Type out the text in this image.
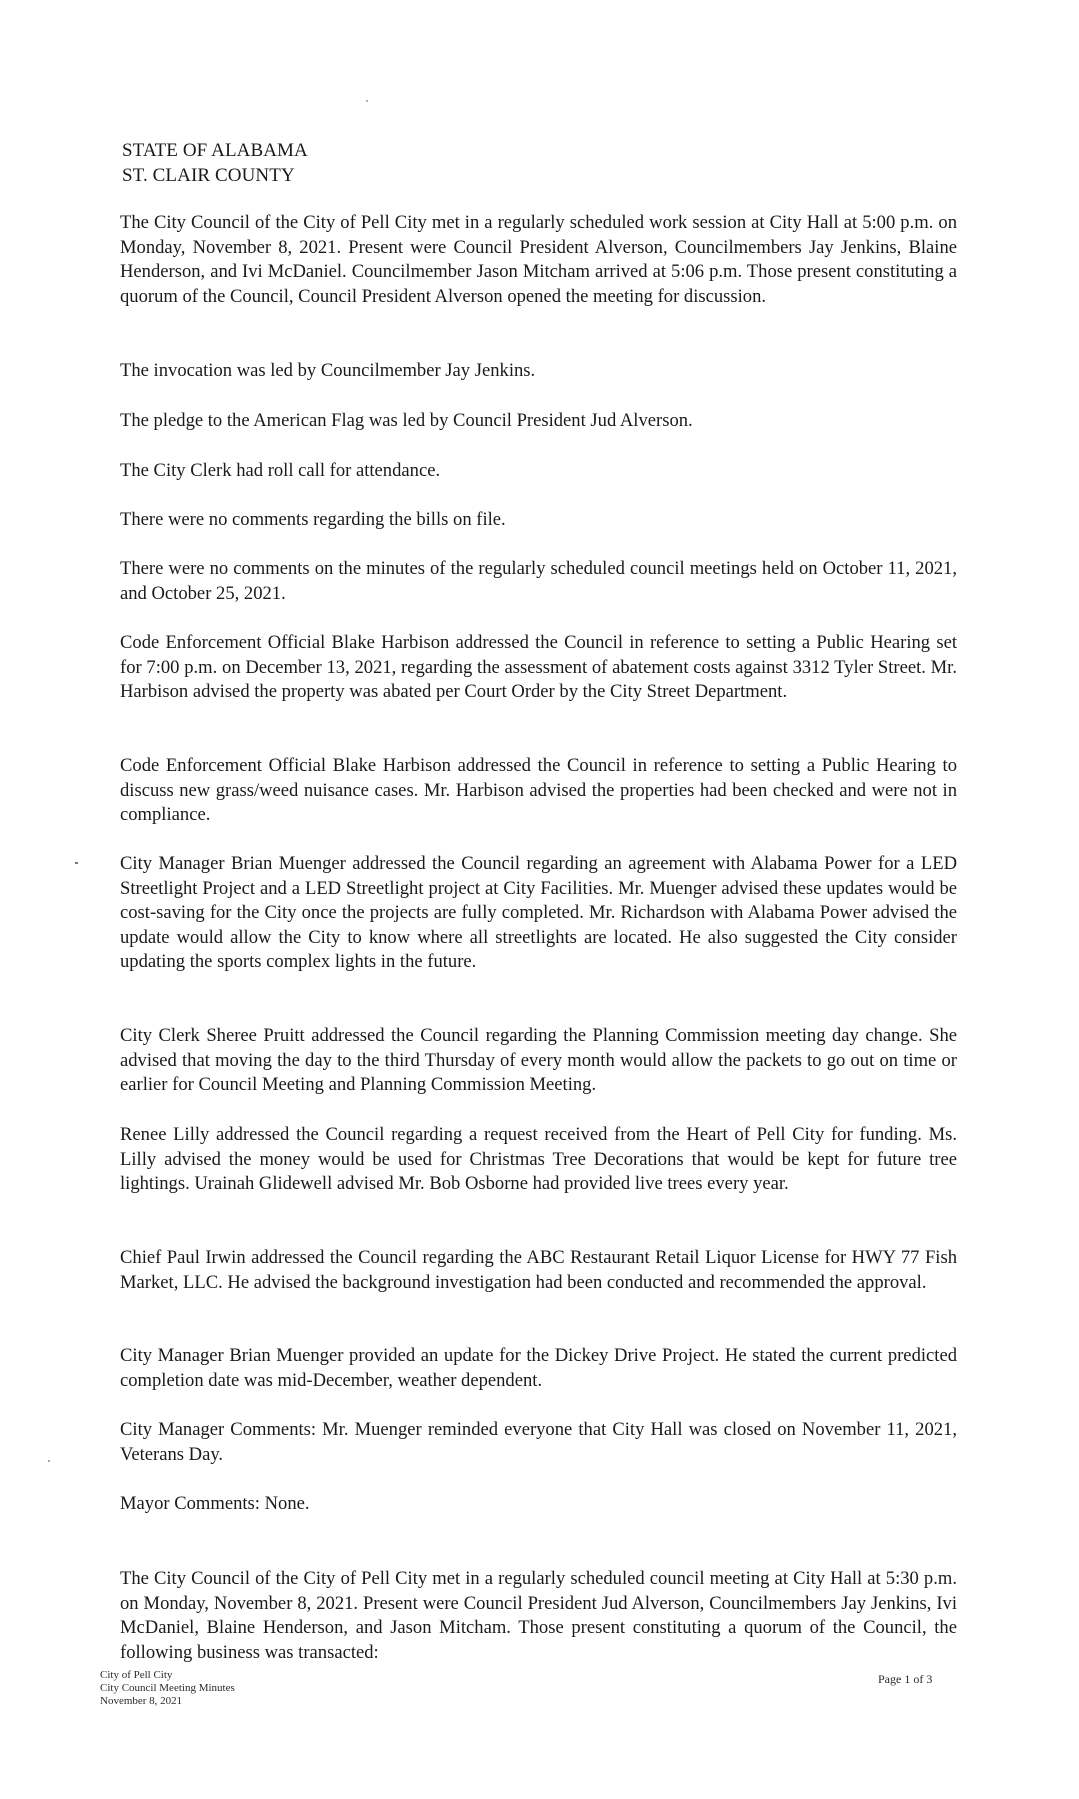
STATE OF ALABAMA
ST. CLAIR COUNTY

The City Council of the City of Pell City met in a regularly scheduled work session at City Hall at 5:00 p.m. on Monday, November 8, 2021. Present were Council President Alverson, Councilmembers Jay Jenkins, Blaine Henderson, and Ivi McDaniel. Councilmember Jason Mitcham arrived at 5:06 p.m. Those present constituting a quorum of the Council, Council President Alverson opened the meeting for discussion.

The invocation was led by Councilmember Jay Jenkins.

The pledge to the American Flag was led by Council President Jud Alverson.

The City Clerk had roll call for attendance.

There were no comments regarding the bills on file.

There were no comments on the minutes of the regularly scheduled council meetings held on October 11, 2021, and October 25, 2021.

Code Enforcement Official Blake Harbison addressed the Council in reference to setting a Public Hearing set for 7:00 p.m. on December 13, 2021, regarding the assessment of abatement costs against 3312 Tyler Street. Mr. Harbison advised the property was abated per Court Order by the City Street Department.

Code Enforcement Official Blake Harbison addressed the Council in reference to setting a Public Hearing to discuss new grass/weed nuisance cases. Mr. Harbison advised the properties had been checked and were not in compliance.

City Manager Brian Muenger addressed the Council regarding an agreement with Alabama Power for a LED Streetlight Project and a LED Streetlight project at City Facilities. Mr. Muenger advised these updates would be cost-saving for the City once the projects are fully completed. Mr. Richardson with Alabama Power advised the update would allow the City to know where all streetlights are located. He also suggested the City consider updating the sports complex lights in the future.

City Clerk Sheree Pruitt addressed the Council regarding the Planning Commission meeting day change. She advised that moving the day to the third Thursday of every month would allow the packets to go out on time or earlier for Council Meeting and Planning Commission Meeting.

Renee Lilly addressed the Council regarding a request received from the Heart of Pell City for funding. Ms. Lilly advised the money would be used for Christmas Tree Decorations that would be kept for future tree lightings. Urainah Glidewell advised Mr. Bob Osborne had provided live trees every year.

Chief Paul Irwin addressed the Council regarding the ABC Restaurant Retail Liquor License for HWY 77 Fish Market, LLC. He advised the background investigation had been conducted and recommended the approval.

City Manager Brian Muenger provided an update for the Dickey Drive Project. He stated the current predicted completion date was mid-December, weather dependent.

City Manager Comments: Mr. Muenger reminded everyone that City Hall was closed on November 11, 2021, Veterans Day.

Mayor Comments: None.

The City Council of the City of Pell City met in a regularly scheduled council meeting at City Hall at 5:30 p.m. on Monday, November 8, 2021. Present were Council President Jud Alverson, Councilmembers Jay Jenkins, Ivi McDaniel, Blaine Henderson, and Jason Mitcham. Those present constituting a quorum of the Council, the following business was transacted:

City of Pell City
City Council Meeting Minutes
November 8, 2021
Page 1 of 3
